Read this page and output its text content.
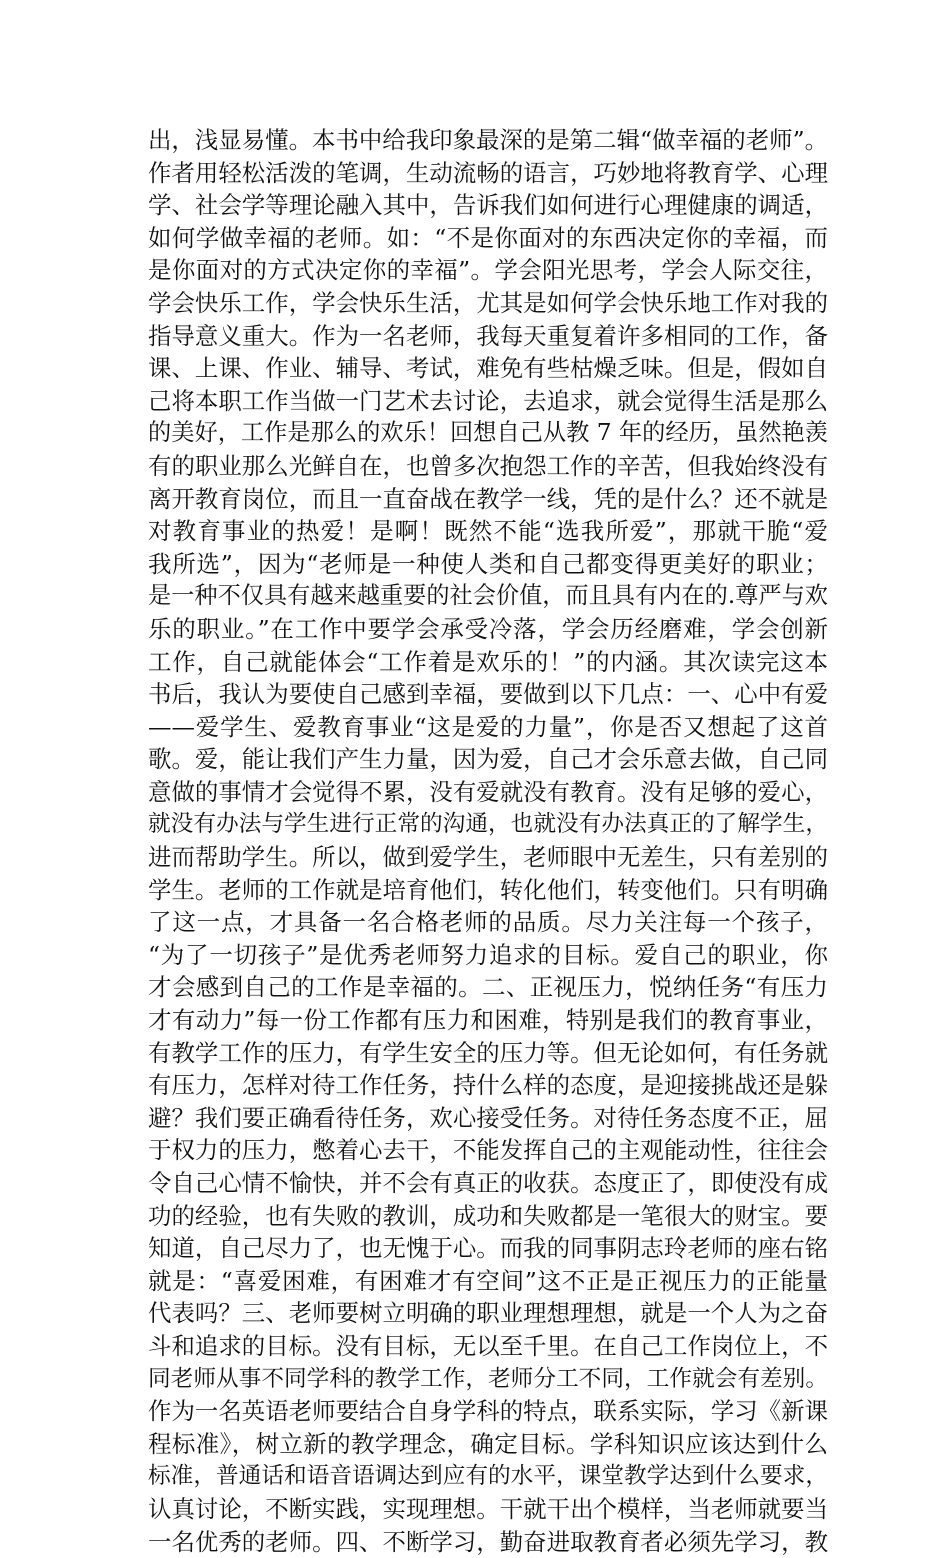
出，浅显易懂。本书中给我印象最深的是第二辑“做幸福的老师”。
作者用轻松活泼的笔调，生动流畅的语言，巧妙地将教育学、心理
学、社会学等理论融入其中，告诉我们如何进行心理健康的调适，
如何学做幸福的老师。如：“不是你面对的东西决定你的幸福，而
是你面对的方式决定你的幸福”。学会阳光思考，学会人际交往，
学会快乐工作，学会快乐生活，尤其是如何学会快乐地工作对我的
指导意义重大。作为一名老师，我每天重复着许多相同的工作，备
课、上课、作业、辅导、考试，难免有些枯燥乏味。但是，假如自
己将本职工作当做一门艺术去讨论，去追求，就会觉得生活是那么
的美好，工作是那么的欢乐！回想自己从教 7 年的经历，虽然艳羡
有的职业那么光鲜自在，也曾多次抱怨工作的辛苦，但我始终没有
离开教育岗位，而且一直奋战在教学一线，凭的是什么？还不就是
对教育事业的热爱！是啊！既然不能“选我所爱”，那就干脆“爱
我所选”，因为“老师是一种使人类和自己都变得更美好的职业；
是一种不仅具有越来越重要的社会价值，而且具有内在的.尊严与欢
乐的职业。”在工作中要学会承受冷落，学会历经磨难，学会创新
工作，自己就能体会“工作着是欢乐的！”的内涵。其次读完这本
书后，我认为要使自己感到幸福，要做到以下几点：一、心中有爱
——爱学生、爱教育事业“这是爱的力量”，你是否又想起了这首
歌。爱，能让我们产生力量，因为爱，自己才会乐意去做，自己同
意做的事情才会觉得不累，没有爱就没有教育。没有足够的爱心，
就没有办法与学生进行正常的沟通，也就没有办法真正的了解学生，
进而帮助学生。所以，做到爱学生，老师眼中无差生，只有差别的
学生。老师的工作就是培育他们，转化他们，转变他们。只有明确
了这一点，才具备一名合格老师的品质。尽力关注每一个孩子，
“为了一切孩子”是优秀老师努力追求的目标。爱自己的职业，你
才会感到自己的工作是幸福的。二、正视压力，悦纳任务“有压力
才有动力”每一份工作都有压力和困难，特别是我们的教育事业，
有教学工作的压力，有学生安全的压力等。但无论如何，有任务就
有压力，怎样对待工作任务，持什么样的态度，是迎接挑战还是躲
避？我们要正确看待任务，欢心接受任务。对待任务态度不正，屈
于权力的压力，憋着心去干，不能发挥自己的主观能动性，往往会
令自己心情不愉快，并不会有真正的收获。态度正了，即使没有成
功的经验，也有失败的教训，成功和失败都是一笔很大的财宝。要
知道，自己尽力了，也无愧于心。而我的同事阴志玲老师的座右铭
就是：“喜爱困难，有困难才有空间”这不正是正视压力的正能量
代表吗？三、老师要树立明确的职业理想理想，就是一个人为之奋
斗和追求的目标。没有目标，无以至千里。在自己工作岗位上，不
同老师从事不同学科的教学工作，老师分工不同，工作就会有差别。
作为一名英语老师要结合自身学科的特点，联系实际，学习《新课
程标准》，树立新的教学理念，确定目标。学科知识应该达到什么
标准，普通话和语音语调达到应有的水平，课堂教学达到什么要求，
认真讨论，不断实践，实现理想。干就干出个模样，当老师就要当
一名优秀的老师。四、不断学习，勤奋进取教育者必须先学习，教
